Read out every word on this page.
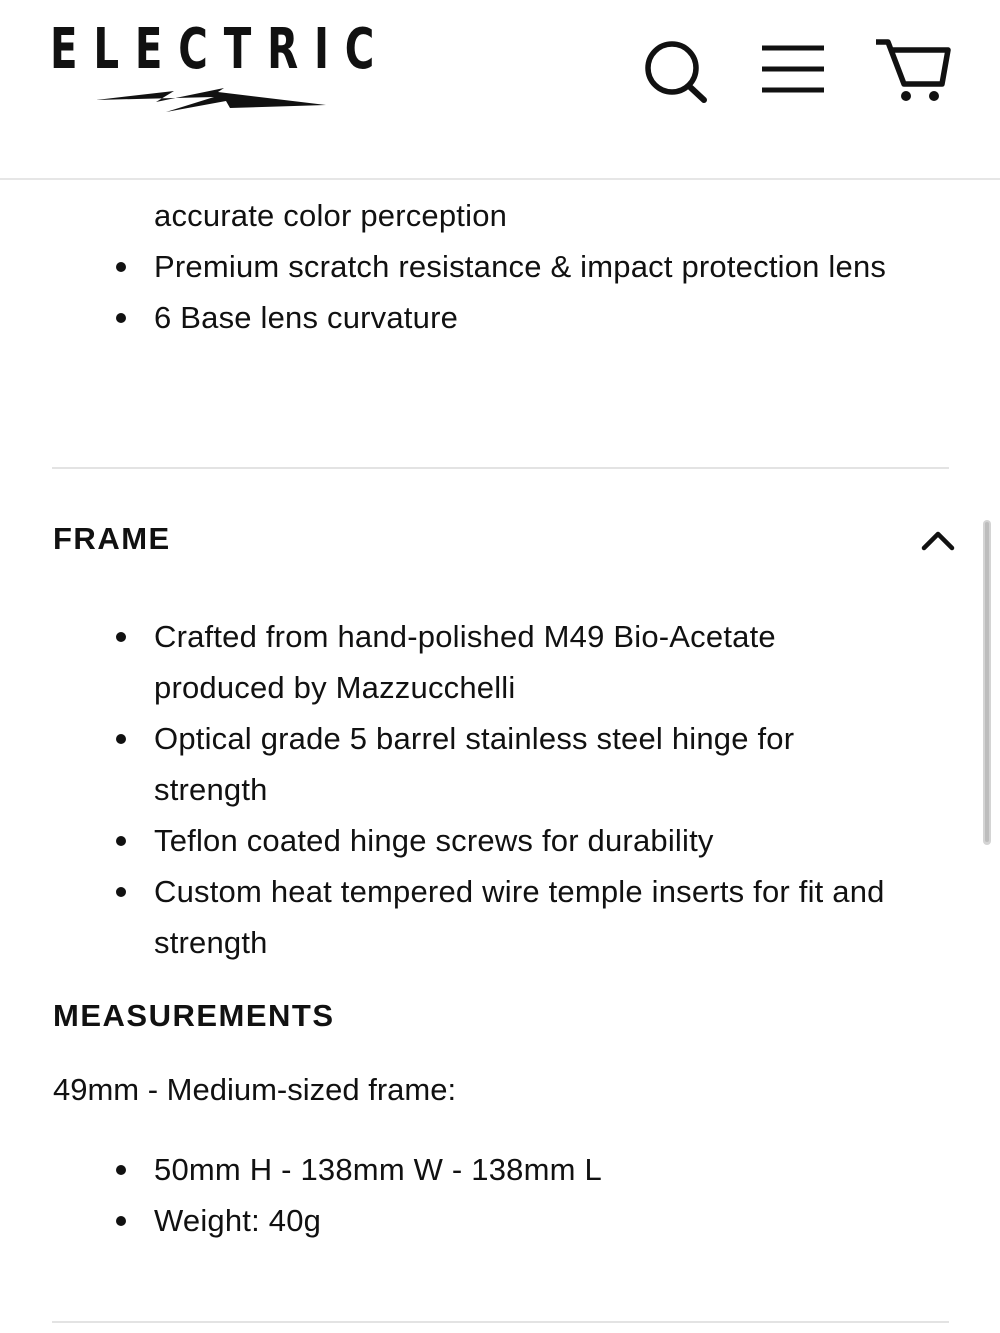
ELECTRIC
accurate color perception
Premium scratch resistance & impact protection lens
6 Base lens curvature
FRAME
Crafted from hand-polished M49 Bio-Acetate produced by Mazzucchelli
Optical grade 5 barrel stainless steel hinge for strength
Teflon coated hinge screws for durability
Custom heat tempered wire temple inserts for fit and strength
MEASUREMENTS
49mm - Medium-sized frame:
50mm H - 138mm W - 138mm L
Weight: 40g
